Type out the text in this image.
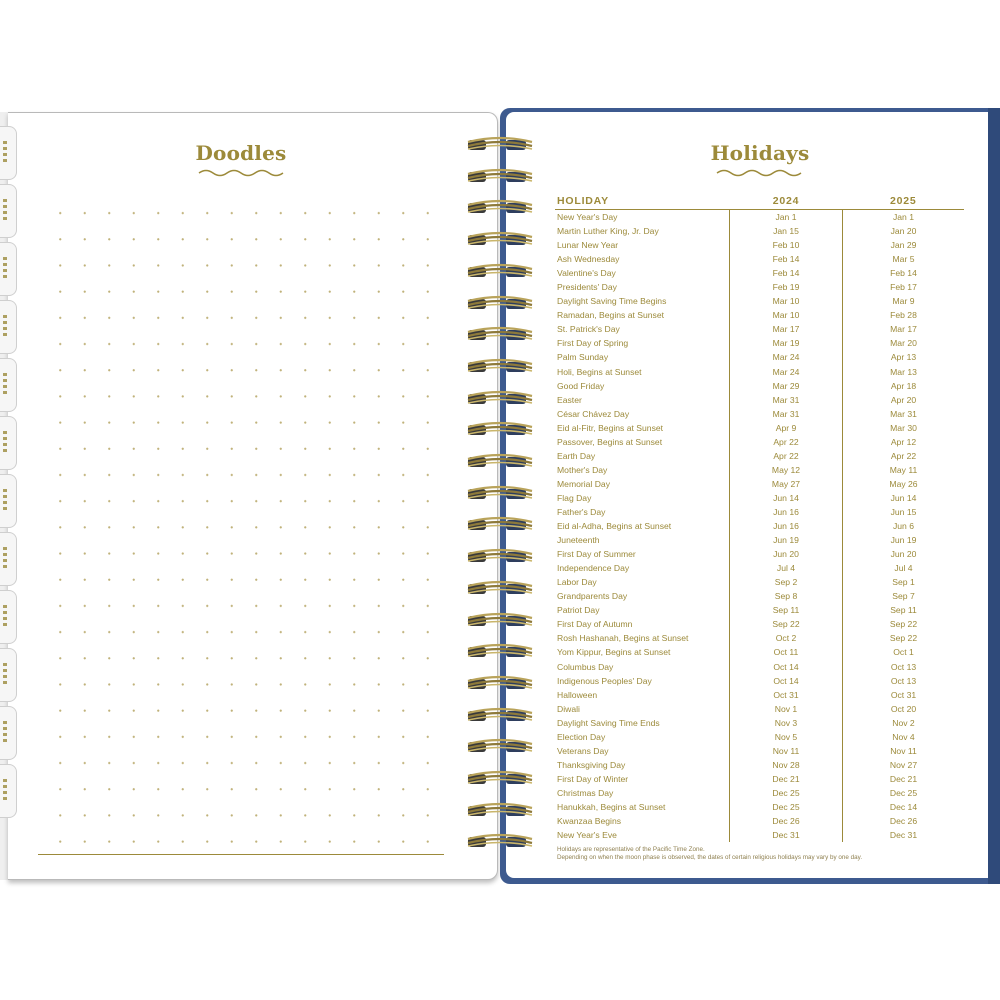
Doodles	Holidays
HOLIDAY	2024	2025
New Year's Day	Jan 1	Jan 1
Martin Luther King, Jr. Day	Jan 15	Jan 20
Lunar New Year	Feb 10	Jan 29
Ash Wednesday	Feb 14	Mar 5
Valentine's Day	Feb 14	Feb 14
Presidents' Day	Feb 19	Feb 17
Daylight Saving Time Begins	Mar 10	Mar 9
Ramadan, Begins at Sunset	Mar 10	Feb 28
St. Patrick's Day	Mar 17	Mar 17
First Day of Spring	Mar 19	Mar 20
Palm Sunday	Mar 24	Apr 13
Holi, Begins at Sunset	Mar 24	Mar 13
Good Friday	Mar 29	Apr 18
Easter	Mar 31	Apr 20
César Chávez Day	Mar 31	Mar 31
Eid al-Fitr, Begins at Sunset	Apr 9	Mar 30
Passover, Begins at Sunset	Apr 22	Apr 12
Earth Day	Apr 22	Apr 22
Mother's Day	May 12	May 11
Memorial Day	May 27	May 26
Flag Day	Jun 14	Jun 14
Father's Day	Jun 16	Jun 15
Eid al-Adha, Begins at Sunset	Jun 16	Jun 6
Juneteenth	Jun 19	Jun 19
First Day of Summer	Jun 20	Jun 20
Independence Day	Jul 4	Jul 4
Labor Day	Sep 2	Sep 1
Grandparents Day	Sep 8	Sep 7
Patriot Day	Sep 11	Sep 11
First Day of Autumn	Sep 22	Sep 22
Rosh Hashanah, Begins at Sunset	Oct 2	Sep 22
Yom Kippur, Begins at Sunset	Oct 11	Oct 1
Columbus Day	Oct 14	Oct 13
Indigenous Peoples' Day	Oct 14	Oct 13
Halloween	Oct 31	Oct 31
Diwali	Nov 1	Oct 20
Daylight Saving Time Ends	Nov 3	Nov 2
Election Day	Nov 5	Nov 4
Veterans Day	Nov 11	Nov 11
Thanksgiving Day	Nov 28	Nov 27
First Day of Winter	Dec 21	Dec 21
Christmas Day	Dec 25	Dec 25
Hanukkah, Begins at Sunset	Dec 25	Dec 14
Kwanzaa Begins	Dec 26	Dec 26
New Year's Eve	Dec 31	Dec 31
Holidays are representative of the Pacific Time Zone.
Depending on when the moon phase is observed, the dates of certain religious holidays may vary by one day.
